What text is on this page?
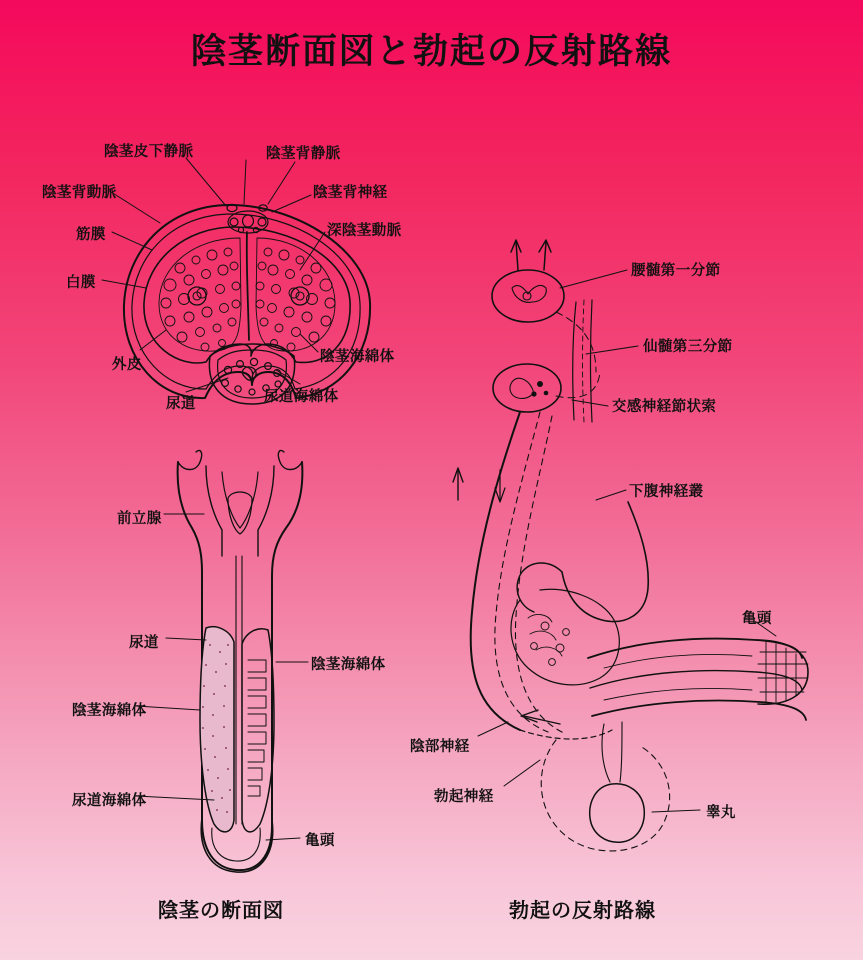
陰茎断面図と勃起の反射路線
陰茎皮下静脈	陰茎背静脈
陰茎背動脈	陰茎背神経
筋膜	深陰茎動脈
白膜
外皮	陰茎海綿体
尿道	尿道海綿体
前立腺
尿道
陰茎海綿体
陰茎海綿体
尿道海綿体
亀頭
腰髄第一分節
仙髄第三分節
交感神経節状索
下腹神経叢
亀頭
陰部神経
勃起神経
睾丸
陰茎の断面図	勃起の反射路線
